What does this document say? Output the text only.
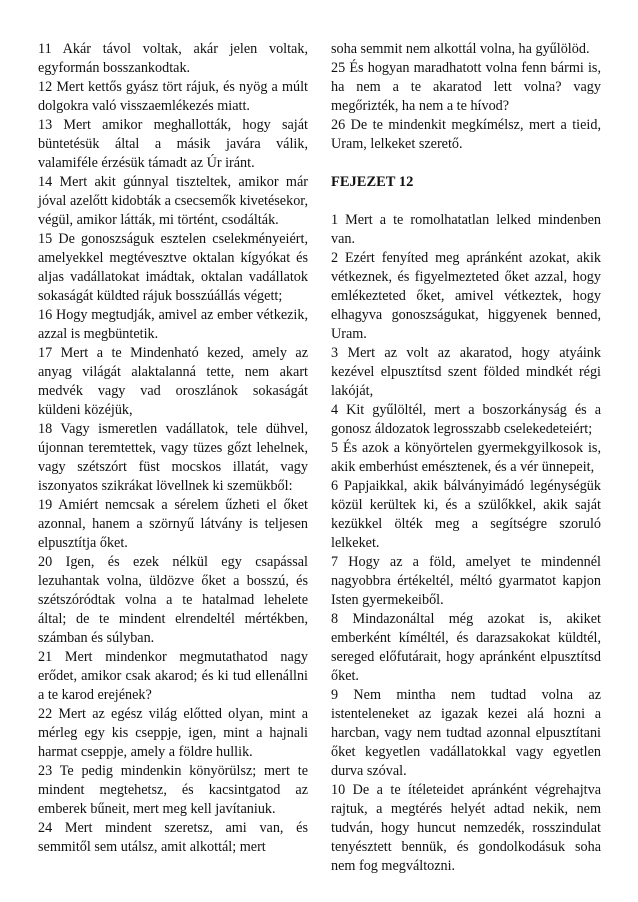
11 Akár távol voltak, akár jelen voltak, egyformán bosszankodtak.

12 Mert kettős gyász tört rájuk, és nyög a múlt dolgokra való visszaemlékezés miatt.

13 Mert amikor meghallották, hogy saját büntetésük által a másik javára válik, valamiféle érzésük támadt az Úr iránt.

14 Mert akit gúnnyal tiszteltek, amikor már jóval azelőtt kidobták a csecsemők kivetésekor, végül, amikor látták, mi történt, csodálták.

15 De gonoszságuk esztelen cselekményeiért, amelyekkel megtévesztve oktalan kígyókat és aljas vadállatokat imádtak, oktalan vadállatok sokaságát küldted rájuk bosszúállás végett;

16 Hogy megtudják, amivel az ember vétkezik, azzal is megbüntetik.

17 Mert a te Mindenható kezed, amely az anyag világát alaktalanná tette, nem akart medvék vagy vad oroszlánok sokaságát küldeni közéjük,

18 Vagy ismeretlen vadállatok, tele dühvel, újonnan teremtettek, vagy tüzes gőzt lehelnek, vagy szétszórt füst mocskos illatát, vagy iszonyatos szikrákat lövellnek ki szemükből:

19 Amiért nemcsak a sérelem űzheti el őket azonnal, hanem a szörnyű látvány is teljesen elpusztítja őket.

20 Igen, és ezek nélkül egy csapással lezuhantak volna, üldözve őket a bosszú, és szétszóródtak volna a te hatalmad lehelete által; de te mindent elrendeltél mértékben, számban és súlyban.

21 Mert mindenkor megmutathatod nagy erődet, amikor csak akarod; és ki tud ellenállni a te karod erejének?

22 Mert az egész világ előtted olyan, mint a mérleg egy kis cseppje, igen, mint a hajnali harmat cseppje, amely a földre hullik.

23 Te pedig mindenkin könyörülsz; mert te mindent megtehetsz, és kacsintgatod az emberek bűneit, mert meg kell javítaniuk.

24 Mert mindent szeretsz, ami van, és semmitől sem utálsz, amit alkottál; mert

soha semmit nem alkottál volna, ha gyűlölöd.

25 És hogyan maradhatott volna fenn bármi is, ha nem a te akaratod lett volna? vagy megőrizték, ha nem a te hívod?

26 De te mindenkit megkímélsz, mert a tieid, Uram, lelkeket szerető.

FEJEZET 12

1 Mert a te romolhatatlan lelked mindenben van.

2 Ezért fenyíted meg apránként azokat, akik vétkeznek, és figyelmezteted őket azzal, hogy emlékezteted őket, amivel vétkeztek, hogy elhagyva gonoszságukat, higgyenek benned, Uram.

3 Mert az volt az akaratod, hogy atyáink kezével elpusztítsd szent földed mindkét régi lakóját,

4 Kit gyűlöltél, mert a boszorkányság és a gonosz áldozatok legrosszabb cselekedeteiért;

5 És azok a könyörtelen gyermekgyilkosok is, akik emberhúst emésztenek, és a vér ünnepeit,

6 Papjaikkal, akik bálványimádó legénységük közül kerültek ki, és a szülőkkel, akik saját kezükkel ölték meg a segítségre szoruló lelkeket.

7 Hogy az a föld, amelyet te mindennél nagyobbra értékeltél, méltó gyarmatot kapjon Isten gyermekeiből.

8 Mindazonáltal még azokat is, akiket emberként kíméltél, és darazsakokat küldtél, sereged előfutárait, hogy apránként elpusztítsd őket.

9 Nem mintha nem tudtad volna az istenteleneket az igazak kezei alá hozni a harcban, vagy nem tudtad azonnal elpusztítani őket kegyetlen vadállatokkal vagy egyetlen durva szóval.

10 De a te ítéleteidet apránként végrehajtva rajtuk, a megtérés helyét adtad nekik, nem tudván, hogy huncut nemzedék, rosszindulat tenyésztett bennük, és gondolkodásuk soha nem fog megváltozni.
